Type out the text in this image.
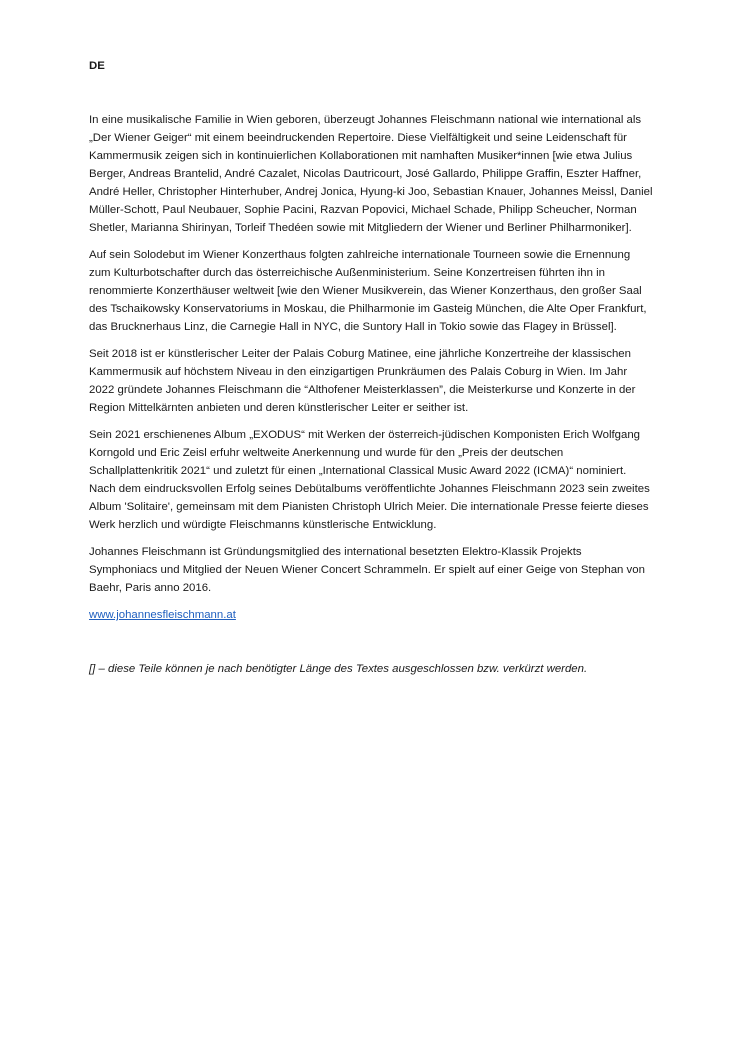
DE

In eine musikalische Familie in Wien geboren, überzeugt Johannes Fleischmann national wie international als „Der Wiener Geiger“ mit einem beeindruckenden Repertoire. Diese Vielfältigkeit und seine Leidenschaft für Kammermusik zeigen sich in kontinuierlichen Kollaborationen mit namhaften Musiker*innen [wie etwa Julius Berger, Andreas Brantelid, André Cazalet, Nicolas Dautricourt, José Gallardo, Philippe Graffin, Eszter Haffner, André Heller, Christopher Hinterhuber, Andrej Jonica, Hyung-ki Joo, Sebastian Knauer, Johannes Meissl, Daniel Müller-Schott, Paul Neubauer, Sophie Pacini, Razvan Popovici, Michael Schade, Philipp Scheucher, Norman Shetler, Marianna Shirinyan, Torleif Thedéen sowie mit Mitgliedern der Wiener und Berliner Philharmoniker].

Auf sein Solodebut im Wiener Konzerthaus folgten zahlreiche internationale Tourneen sowie die Ernennung zum Kulturbotschafter durch das österreichische Außenministerium. Seine Konzertreisen führten ihn in renommierte Konzerthäuser weltweit [wie den Wiener Musikverein, das Wiener Konzerthaus, den großer Saal des Tschaikowsky Konservatoriums in Moskau, die Philharmonie im Gasteig München, die Alte Oper Frankfurt, das Brucknerhaus Linz, die Carnegie Hall in NYC, die Suntory Hall in Tokio sowie das Flagey in Brüssel].

Seit 2018 ist er künstlerischer Leiter der Palais Coburg Matinee, eine jährliche Konzertreihe der klassischen Kammermusik auf höchstem Niveau in den einzigartigen Prunkräumen des Palais Coburg in Wien. Im Jahr 2022 gründete Johannes Fleischmann die “Althofener Meisterklassen”, die Meisterkurse und Konzerte in der Region Mittelkärnten anbieten und deren künstlerischer Leiter er seither ist.

Sein 2021 erschienenes Album „EXODUS“ mit Werken der österreich-jüdischen Komponisten Erich Wolfgang Korngold und Eric Zeisl erfuhr weltweite Anerkennung und wurde für den „Preis der deutschen Schallplattenkritik 2021“ und zuletzt für einen „International Classical Music Award 2022 (ICMA)“ nominiert. Nach dem eindrucksvollen Erfolg seines Debütalbums veröffentlichte Johannes Fleischmann 2023 sein zweites Album 'Solitaire', gemeinsam mit dem Pianisten Christoph Ulrich Meier. Die internationale Presse feierte dieses Werk herzlich und würdigte Fleischmanns künstlerische Entwicklung.

Johannes Fleischmann ist Gründungsmitglied des international besetzten Elektro-Klassik Projekts Symphoniacs und Mitglied der Neuen Wiener Concert Schrammeln. Er spielt auf einer Geige von Stephan von Baehr, Paris anno 2016.

www.johannesfleischmann.at

[] – diese Teile können je nach benötigter Länge des Textes ausgeschlossen bzw. verkürzt werden.
